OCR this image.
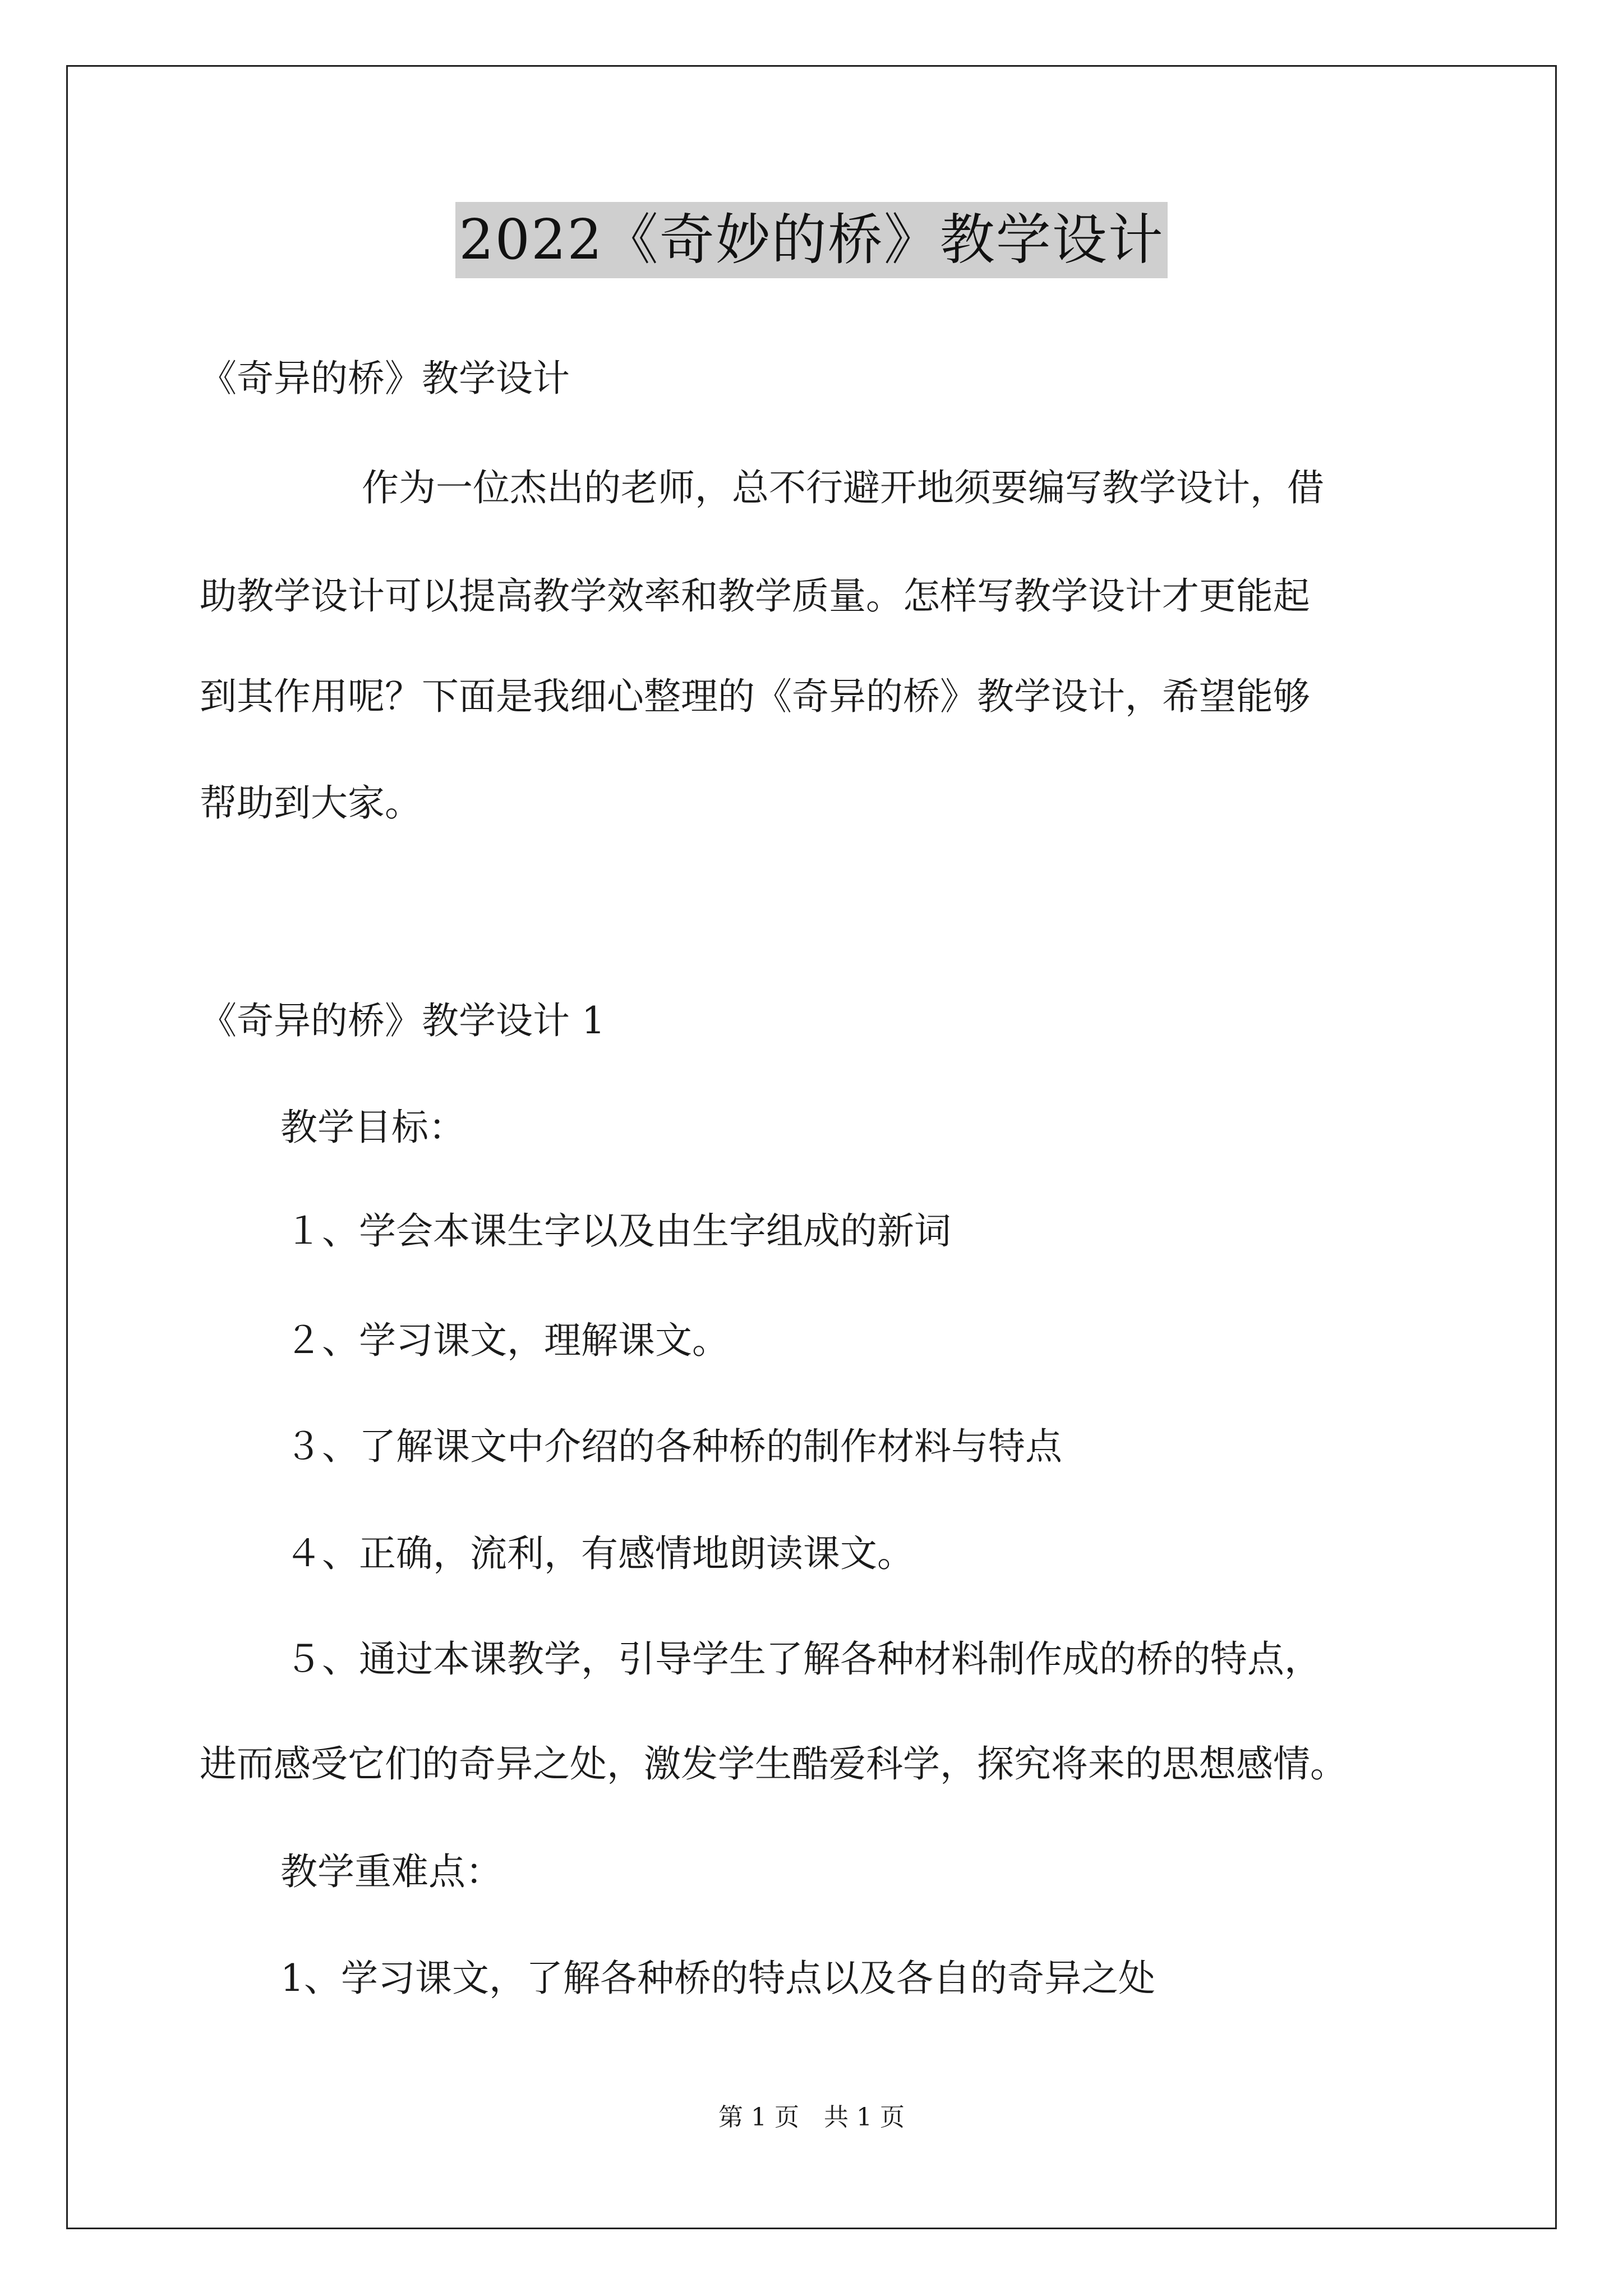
2022《奇妙的桥》教学设计
《奇异的桥》教学设计
作为一位杰出的老师，总不行避开地须要编写教学设计，借
助教学设计可以提高教学效率和教学质量。怎样写教学设计才更能起
到其作用呢？下面是我细心整理的《奇异的桥》教学设计，希望能够
帮助到大家。
《奇异的桥》教学设计 1
教学目标：
１、学会本课生字以及由生字组成的新词
２、学习课文，理解课文。
３、了解课文中介绍的各种桥的制作材料与特点
４、正确，流利，有感情地朗读课文。
５、通过本课教学，引导学生了解各种材料制作成的桥的特点，
进而感受它们的奇异之处，激发学生酷爱科学，探究将来的思想感情。
教学重难点：
1、学习课文，了解各种桥的特点以及各自的奇异之处
第 1 页　共 1 页
